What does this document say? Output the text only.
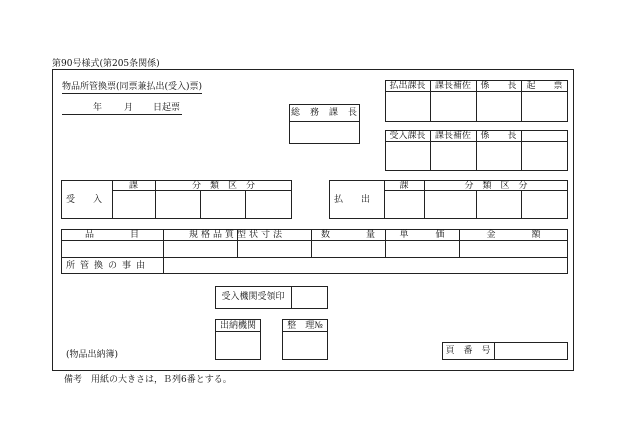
第90号様式(第205条関係)
物品所管換票(同票兼払出(受入)票)
年 月 日起票	総務課長
払出課長	課長補佐	係　　長	起　　票
受入課長	課長補佐	係　　長
受　　入
課	分　類　区　分
払　　出
課	分　類　区　分
品　　　　目	規格品質型状寸法	数　　　　量	単　　　価	金　　　　額
所管換の事由
受入機関受領印
出納機関	整　理№
(物品出納簿)	頁　番　号
備考　用紙の大きさは，Ｂ列6番とする。
